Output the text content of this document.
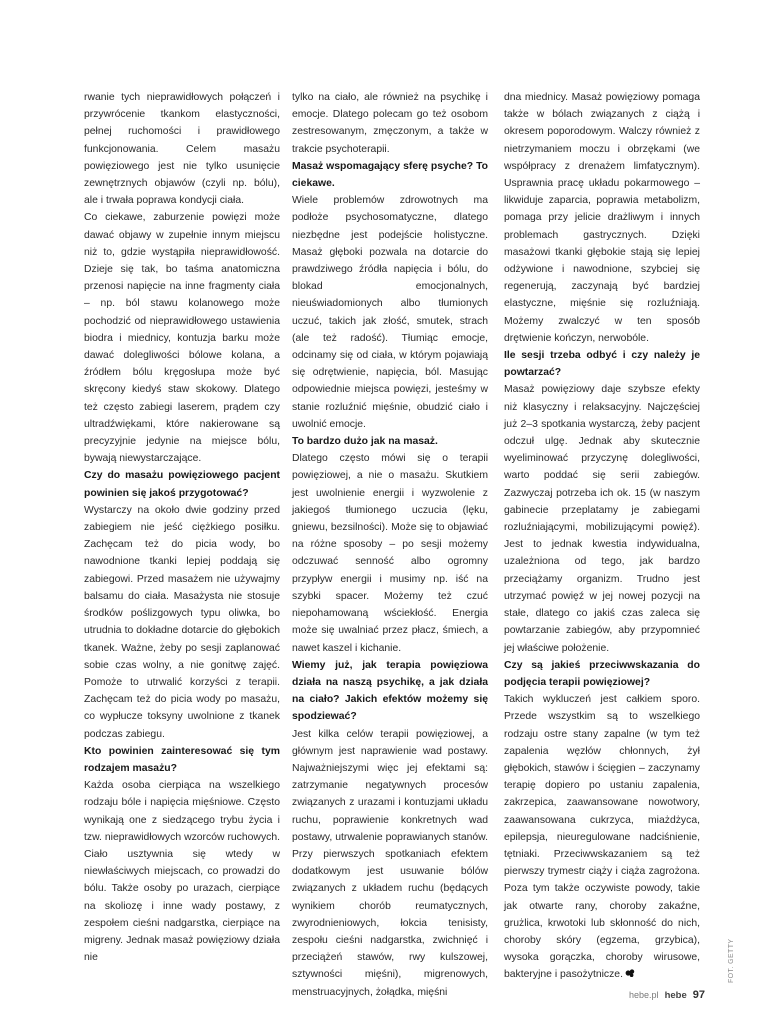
rwanie tych nieprawidłowych połączeń i przywrócenie tkankom elastyczności, pełnej ruchomości i prawidłowego funkcjonowania. Celem masażu powięziowego jest nie tylko usunięcie zewnętrznych objawów (czyli np. bólu), ale i trwała poprawa kondycji ciała.

Co ciekawe, zaburzenie powięzi może dawać objawy w zupełnie innym miejscu niż to, gdzie wystąpiła nieprawidłowość. Dzieje się tak, bo taśma anatomiczna przenosi napięcie na inne fragmenty ciała – np. ból stawu kolanowego może pochodzić od nieprawidłowego ustawienia biodra i miednicy, kontuzja barku może dawać dolegliwości bólowe kolana, a źródłem bólu kręgosłupa może być skręcony kiedyś staw skokowy. Dlatego też często zabiegi laserem, prądem czy ultradźwiękami, które nakierowane są precyzyjnie jedynie na miejsce bólu, bywają niewystarczające.

Czy do masażu powięziowego pacjent powinien się jakoś przygotować?

Wystarczy na około dwie godziny przed zabiegiem nie jeść ciężkiego posiłku. Zachęcam też do picia wody, bo nawodnione tkanki lepiej poddają się zabiegowi. Przed masażem nie używajmy balsamu do ciała. Masażysta nie stosuje środków poślizgowych typu oliwka, bo utrudnia to dokładne dotarcie do głębokich tkanek. Ważne, żeby po sesji zaplanować sobie czas wolny, a nie gonitwę zajęć. Pomoże to utrwalić korzyści z terapii. Zachęcam też do picia wody po masażu, co wypłucze toksyny uwolnione z tkanek podczas zabiegu.

Kto powinien zainteresować się tym rodzajem masażu?

Każda osoba cierpiąca na wszelkiego rodzaju bóle i napięcia mięśniowe. Często wynikają one z siedzącego trybu życia i tzw. nieprawidłowych wzorców ruchowych. Ciało usztywnia się wtedy w niewłaściwych miejscach, co prowadzi do bólu. Także osoby po urazach, cierpiące na skoliozę i inne wady postawy, z zespołem cieśni nadgarstka, cierpiące na migreny. Jednak masaż powięziowy działa nie

tylko na ciało, ale również na psychikę i emocje. Dlatego polecam go też osobom zestresowanym, zmęczonym, a także w trakcie psychoterapii.

Masaż wspomagający sferę psyche? To ciekawe.

Wiele problemów zdrowotnych ma podłoże psychosomatyczne, dlatego niezbędne jest podejście holistyczne. Masaż głęboki pozwala na dotarcie do prawdziwego źródła napięcia i bólu, do blokad emocjonalnych, nieuświadomionych albo tłumionych uczuć, takich jak złość, smutek, strach (ale też radość). Tłumiąc emocje, odcinamy się od ciała, w którym pojawiają się odrętwienie, napięcia, ból. Masując odpowiednie miejsca powięzi, jesteśmy w stanie rozluźnić mięśnie, obudzić ciało i uwolnić emocje.

To bardzo dużo jak na masaż.

Dlatego często mówi się o terapii powięziowej, a nie o masażu. Skutkiem jest uwolnienie energii i wyzwolenie z jakiegoś tłumionego uczucia (lęku, gniewu, bezsilności). Może się to objawiać na różne sposoby – po sesji możemy odczuwać senność albo ogromny przypływ energii i musimy np. iść na szybki spacer. Możemy też czuć niepohamowaną wściekłość. Energia może się uwalniać przez płacz, śmiech, a nawet kaszel i kichanie.

Wiemy już, jak terapia powięziowa działa na naszą psychikę, a jak działa na ciało? Jakich efektów możemy się spodziewać?

Jest kilka celów terapii powięziowej, a głównym jest naprawienie wad postawy. Najważniejszymi więc jej efektami są: zatrzymanie negatywnych procesów związanych z urazami i kontuzjami układu ruchu, poprawienie konkretnych wad postawy, utrwalenie poprawianych stanów. Przy pierwszych spotkaniach efektem dodatkowym jest usuwanie bólów związanych z układem ruchu (będących wynikiem chorób reumatycznych, zwyrodnieniowych, łokcia tenisisty, zespołu cieśni nadgarstka, zwichnięć i przeciążeń stawów, rwy kulszowej, sztywności mięśni), migrenowych, menstruacyjnych, żołądka, mięśni

dna miednicy. Masaż powięziowy pomaga także w bólach związanych z ciążą i okresem poporodowym. Walczy również z nietrzymaniem moczu i obrzękami (we współpracy z drenażem limfatycznym). Usprawnia pracę układu pokarmowego – likwiduje zaparcia, poprawia metabolizm, pomaga przy jelicie drażliwym i innych problemach gastrycznych. Dzięki masażowi tkanki głębokie stają się lepiej odżywione i nawodnione, szybciej się regenerują, zaczynają być bardziej elastyczne, mięśnie się rozluźniają. Możemy zwalczyć w ten sposób drętwienie kończyn, nerwobóle.

Ile sesji trzeba odbyć i czy należy je powtarzać?

Masaż powięziowy daje szybsze efekty niż klasyczny i relaksacyjny. Najczęściej już 2–3 spotkania wystarczą, żeby pacjent odczuł ulgę. Jednak aby skutecznie wyeliminować przyczynę dolegliwości, warto poddać się serii zabiegów. Zazwyczaj potrzeba ich ok. 15 (w naszym gabinecie przeplatamy je zabiegami rozluźniającymi, mobilizującymi powięź). Jest to jednak kwestia indywidualna, uzależniona od tego, jak bardzo przeciążamy organizm. Trudno jest utrzymać powięź w jej nowej pozycji na stałe, dlatego co jakiś czas zaleca się powtarzanie zabiegów, aby przypomnieć jej właściwe położenie.

Czy są jakieś przeciwwskazania do podjęcia terapii powięziowej?

Takich wykluczeń jest całkiem sporo. Przede wszystkim są to wszelkiego rodzaju ostre stany zapalne (w tym też zapalenia węzłów chłonnych, żył głębokich, stawów i ścięgien – zaczynamy terapię dopiero po ustaniu zapalenia, zakrzepica, zaawansowane nowotwory, zaawansowana cukrzyca, miażdżyca, epilepsja, nieuregulowane nadciśnienie, tętniaki. Przeciwwskazaniem są też pierwszy trymestr ciąży i ciąża zagrożona. Poza tym także oczywiste powody, takie jak otwarte rany, choroby zakaźne, grużlica, krwotoki lub skłonność do nich, choroby skóry (egzema, grzybica), wysoka gorączka, choroby wirusowe, bakteryjne i pasożytnicze.	FOT. GETTY
hebe.pl hebe 97
